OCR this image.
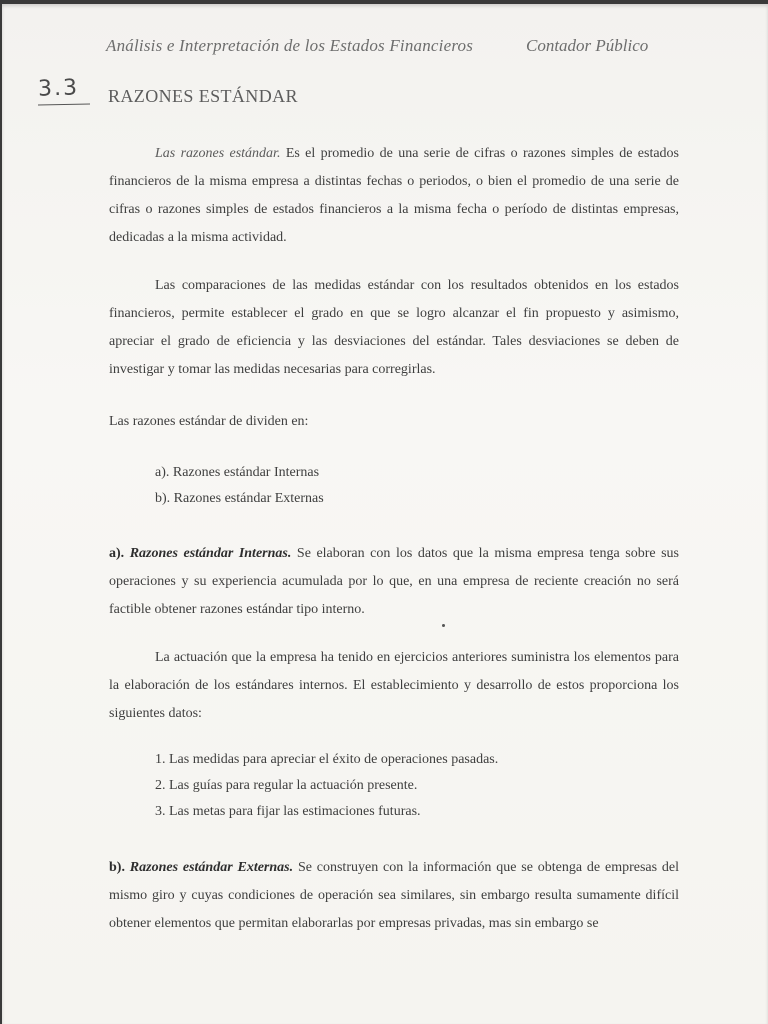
Análisis e Interpretación de los Estados Financieros	Contador Público
3.3 RAZONES ESTÁNDAR

Las razones estándar. Es el promedio de una serie de cifras o razones simples de estados financieros de la misma empresa a distintas fechas o periodos, o bien el promedio de una serie de cifras o razones simples de estados financieros a la misma fecha o período de distintas empresas, dedicadas a la misma actividad.

Las comparaciones de las medidas estándar con los resultados obtenidos en los estados financieros, permite establecer el grado en que se logro alcanzar el fin propuesto y asimismo, apreciar el grado de eficiencia y las desviaciones del estándar. Tales desviaciones se deben de investigar y tomar las medidas necesarias para corregirlas.

Las razones estándar de dividen en:

a). Razones estándar Internas
b). Razones estándar Externas

a). Razones estándar Internas. Se elaboran con los datos que la misma empresa tenga sobre sus operaciones y su experiencia acumulada por lo que, en una empresa de reciente creación no será factible obtener razones estándar tipo interno.

La actuación que la empresa ha tenido en ejercicios anteriores suministra los elementos para la elaboración de los estándares internos. El establecimiento y desarrollo de estos proporciona los siguientes datos:

1. Las medidas para apreciar el éxito de operaciones pasadas.
2. Las guías para regular la actuación presente.
3. Las metas para fijar las estimaciones futuras.

b). Razones estándar Externas. Se construyen con la información que se obtenga de empresas del mismo giro y cuyas condiciones de operación sea similares, sin embargo resulta sumamente difícil obtener elementos que permitan elaborarlas por empresas privadas, mas sin embargo se
